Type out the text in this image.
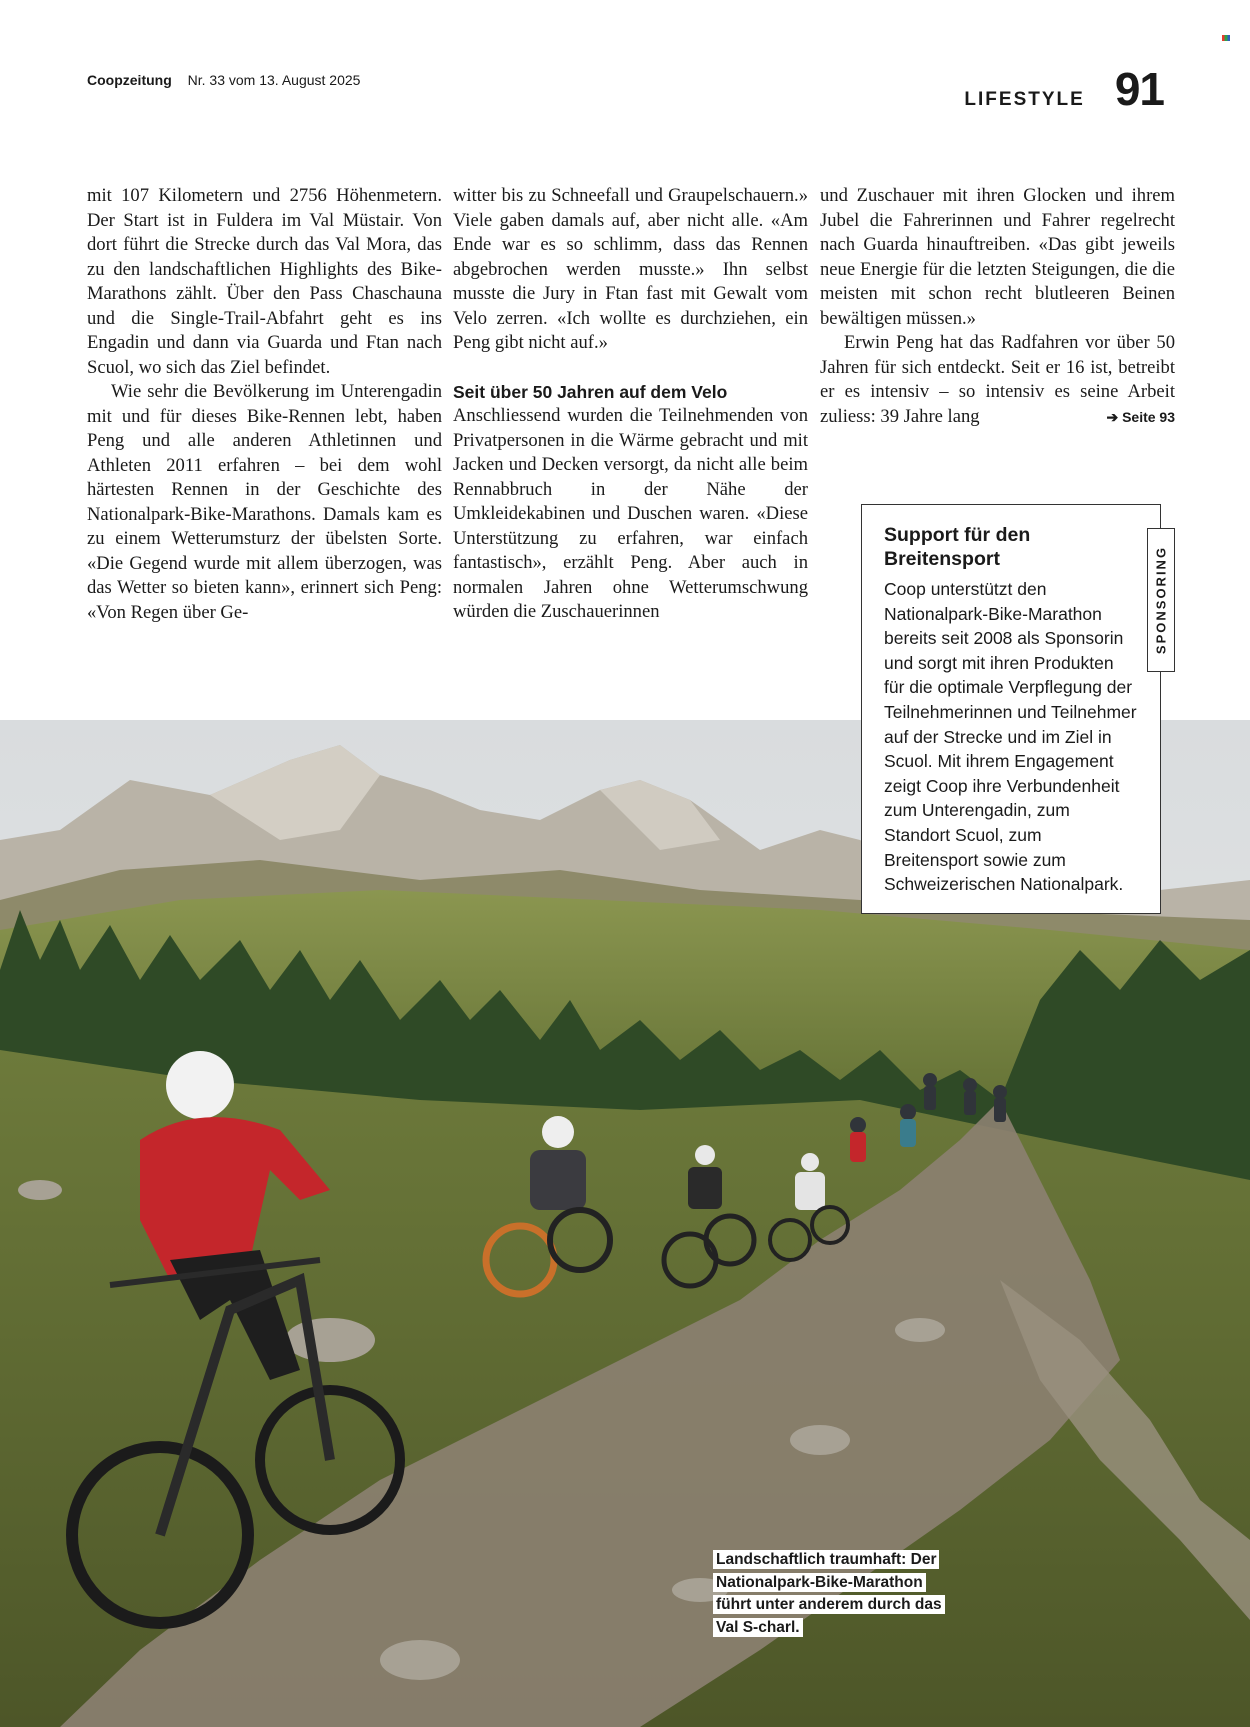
Coopzeitung Nr. 33 vom 13. August 2025
LIFESTYLE 91

mit 107 Kilometern und 2756 Höhenmetern. Der Start ist in Fuldera im Val Müstair. Von dort führt die Strecke durch das Val Mora, das zu den landschaftlichen Highlights des Bike-Marathons zählt. Über den Pass Chaschauna und die Single-Trail-Abfahrt geht es ins Engadin und dann via Guarda und Ftan nach Scuol, wo sich das Ziel befindet.

Wie sehr die Bevölkerung im Unterengadin mit und für dieses Bike-Rennen lebt, haben Peng und alle anderen Athletinnen und Athleten 2011 erfahren – bei dem wohl härtesten Rennen in der Geschichte des Nationalpark-Bike-Marathons. Damals kam es zu einem Wetterumsturz der übelsten Sorte. «Die Gegend wurde mit allem überzogen, was das Wetter so bieten kann», erinnert sich Peng: «Von Regen über Ge-

witter bis zu Schneefall und Graupelschauern.» Viele gaben damals auf, aber nicht alle. «Am Ende war es so schlimm, dass das Rennen abgebrochen werden musste.» Ihn selbst musste die Jury in Ftan fast mit Gewalt vom Velo zerren. «Ich wollte es durchziehen, ein Peng gibt nicht auf.»

Seit über 50 Jahren auf dem Velo

Anschliessend wurden die Teilnehmenden von Privatpersonen in die Wärme gebracht und mit Jacken und Decken versorgt, da nicht alle beim Rennabbruch in der Nähe der Umkleidekabinen und Duschen waren. «Diese Unterstützung zu erfahren, war einfach fantastisch», erzählt Peng. Aber auch in normalen Jahren ohne Wetterumschwung würden die Zuschauerinnen

und Zuschauer mit ihren Glocken und ihrem Jubel die Fahrerinnen und Fahrer regelrecht nach Guarda hinauftreiben. «Das gibt jeweils neue Energie für die letzten Steigungen, die die meisten mit schon recht blutleeren Beinen bewältigen müssen.»

Erwin Peng hat das Radfahren vor über 50 Jahren für sich entdeckt. Seit er 16 ist, betreibt er es intensiv – so intensiv es seine Arbeit zuliess: 39 Jahre lang	➔ Seite 93

Support für den Breitensport

Coop unterstützt den Nationalpark-Bike-Marathon bereits seit 2008 als Sponsorin und sorgt mit ihren Produkten für die optimale Verpflegung der Teilnehmerinnen und Teilnehmer auf der Strecke und im Ziel in Scuol. Mit ihrem Engagement zeigt Coop ihre Verbundenheit zum Unterengadin, zum Standort Scuol, zum Breitensport sowie zum Schweizerischen Nationalpark.

SPONSORING
Landschaftlich traumhaft: Der Nationalpark-Bike-Marathon führt unter anderem durch das Val S-charl.
